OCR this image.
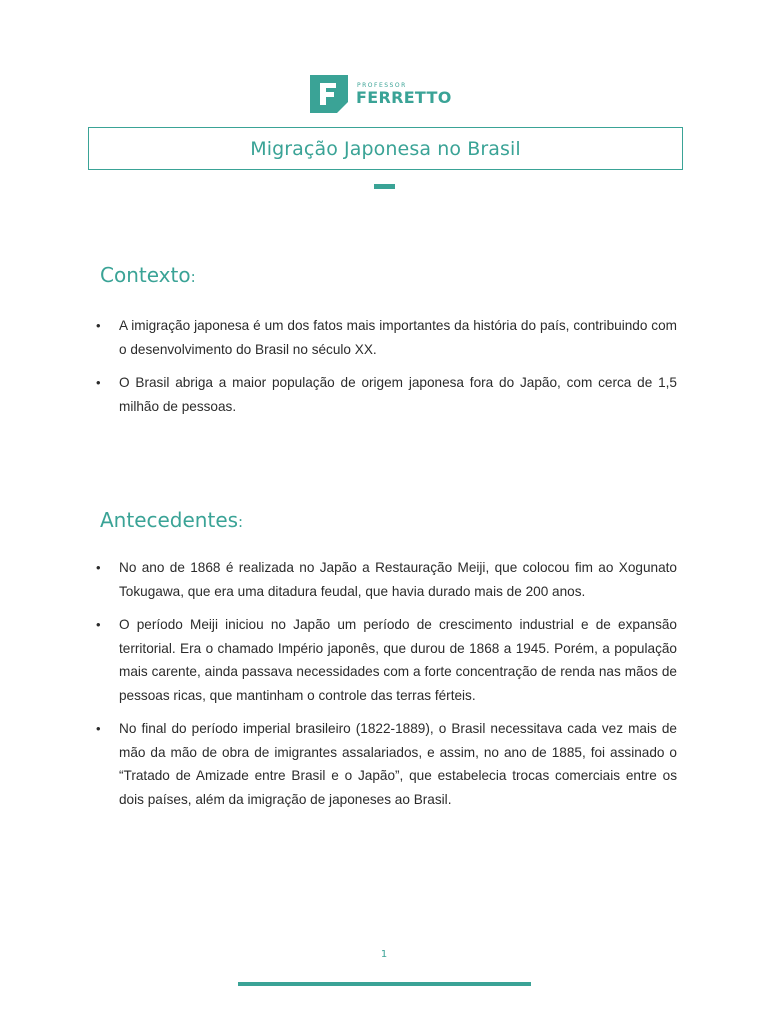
PROFESSOR
FERRETTO
Migração Japonesa no Brasil
Contexto:
• A imigração japonesa é um dos fatos mais importantes da história do país, contribuindo com o desenvolvimento do Brasil no século XX.
• O Brasil abriga a maior população de origem japonesa fora do Japão, com cerca de 1,5 milhão de pessoas.
Antecedentes:
• No ano de 1868 é realizada no Japão a Restauração Meiji, que colocou fim ao Xogunato Tokugawa, que era uma ditadura feudal, que havia durado mais de 200 anos.
• O período Meiji iniciou no Japão um período de crescimento industrial e de expansão territorial. Era o chamado Império japonês, que durou de 1868 a 1945. Porém, a população mais carente, ainda passava necessidades com a forte concentração de renda nas mãos de pessoas ricas, que mantinham o controle das terras férteis.
• No final do período imperial brasileiro (1822-1889), o Brasil necessitava cada vez mais de mão da mão de obra de imigrantes assalariados, e assim, no ano de 1885, foi assinado o “Tratado de Amizade entre Brasil e o Japão”, que estabelecia trocas comerciais entre os dois países, além da imigração de japoneses ao Brasil.
1
